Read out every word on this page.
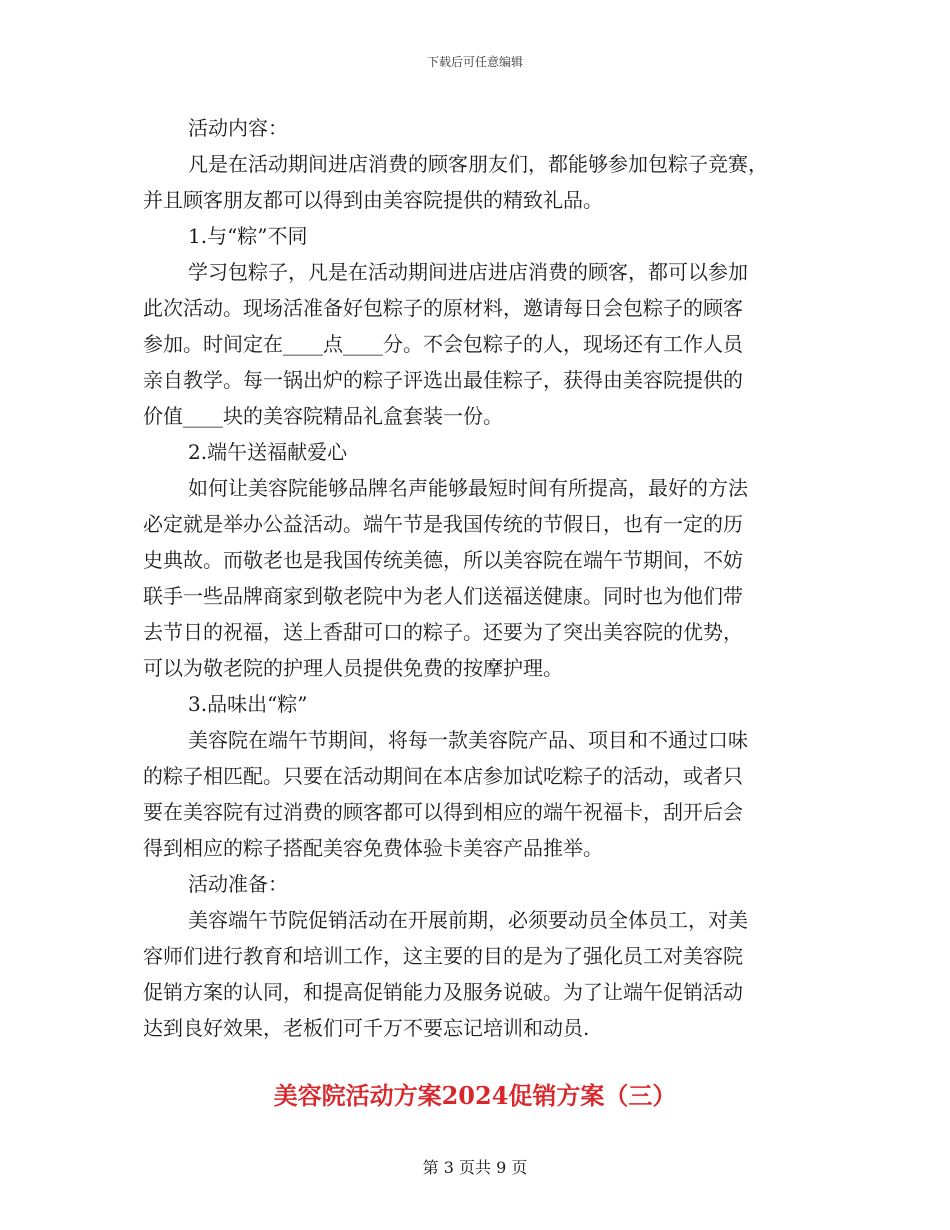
下载后可任意编辑
活动内容：
凡是在活动期间进店消费的顾客朋友们，都能够参加包粽子竞赛，
并且顾客朋友都可以得到由美容院提供的精致礼品。
1.与“粽”不同
学习包粽子，凡是在活动期间进店进店消费的顾客，都可以参加
此次活动。现场活准备好包粽子的原材料，邀请每日会包粽子的顾客
参加。时间定在____点____分。不会包粽子的人，现场还有工作人员
亲自教学。每一锅出炉的粽子评选出最佳粽子，获得由美容院提供的
价值____块的美容院精品礼盒套装一份。
2.端午送福献爱心
如何让美容院能够品牌名声能够最短时间有所提高，最好的方法
必定就是举办公益活动。端午节是我国传统的节假日，也有一定的历
史典故。而敬老也是我国传统美德，所以美容院在端午节期间，不妨
联手一些品牌商家到敬老院中为老人们送福送健康。同时也为他们带
去节日的祝福，送上香甜可口的粽子。还要为了突出美容院的优势，
可以为敬老院的护理人员提供免费的按摩护理。
3.品味出“粽”
美容院在端午节期间，将每一款美容院产品、项目和不通过口味
的粽子相匹配。只要在活动期间在本店参加试吃粽子的活动，或者只
要在美容院有过消费的顾客都可以得到相应的端午祝福卡，刮开后会
得到相应的粽子搭配美容免费体验卡美容产品推举。
活动准备：
美容端午节院促销活动在开展前期，必须要动员全体员工，对美
容师们进行教育和培训工作，这主要的目的是为了强化员工对美容院
促销方案的认同，和提高促销能力及服务说破。为了让端午促销活动
达到良好效果，老板们可千万不要忘记培训和动员.
美容院活动方案2024促销方案（三）
第 3 页共 9 页
